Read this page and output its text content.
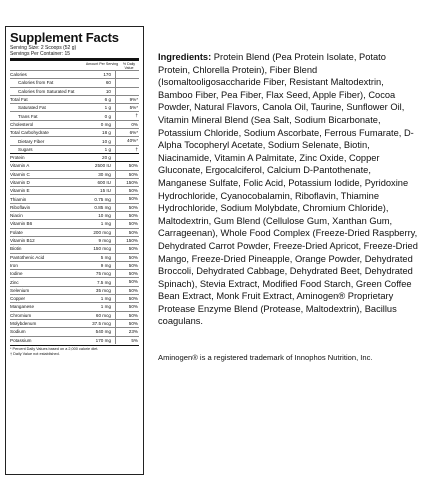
Supplement Facts
Serving Size: 2 Scoops (52 g)
Servings Per Container: 15
Amount Per Serving	% Daily Value
Calories	170
Calories from Fat	60
Calories from Saturated Fat	10
Total Fat	6 g	9%*
Saturated Fat	1 g	5%*
Trans Fat	0 g	†
Cholesterol	0 mg	0%
Total Carbohydrate	18 g	6%*
Dietary Fiber	10 g	40%*
Sugars	1 g	†
Protein	20 g
Vitamin A	2500 IU	50%
Vitamin C	30 mg	50%
Vitamin D	600 IU	150%
Vitamin E	15 IU	50%
Thiamin	0.75 mg	50%
Riboflavin	0.85 mg	50%
Niacin	10 mg	50%
Vitamin B6	1 mg	50%
Folate	200 mcg	50%
Vitamin B12	9 mcg	150%
Biotin	150 mcg	50%
Pantothenic Acid	5 mg	50%
Iron	9 mg	50%
Iodine	75 mcg	50%
Zinc	7.5 mg	50%
Selenium	35 mcg	50%
Copper	1 mg	50%
Manganese	1 mg	50%
Chromium	60 mcg	50%
Molybdenum	37.5 mcg	50%
Sodium	540 mg	23%
Potassium	170 mg	5%
* Percent Daily Values based on a 2,000 calorie diet.
† Daily Value not established.
Ingredients: Protein Blend (Pea Protein Isolate, Potato Protein, Chlorella Protein), Fiber Blend (Isomaltooligosaccharide Fiber, Resistant Maltodextrin, Bamboo Fiber, Pea Fiber, Flax Seed, Apple Fiber), Cocoa Powder, Natural Flavors, Canola Oil, Taurine, Sunflower Oil, Vitamin Mineral Blend (Sea Salt, Sodium Bicarbonate, Potassium Chloride, Sodium Ascorbate, Ferrous Fumarate, D-Alpha Tocopheryl Acetate, Sodium Selenate, Biotin, Niacinamide, Vitamin A Palmitate, Zinc Oxide, Copper Gluconate, Ergocalciferol, Calcium D-Pantothenate, Manganese Sulfate, Folic Acid, Potassium Iodide, Pyridoxine Hydrochloride, Cyanocobalamin, Riboflavin, Thiamine Hydrochloride, Sodium Molybdate, Chromium Chloride), Maltodextrin, Gum Blend (Cellulose Gum, Xanthan Gum, Carrageenan), Whole Food Complex (Freeze-Dried Raspberry, Dehydrated Carrot Powder, Freeze-Dried Apricot, Freeze-Dried Mango, Freeze-Dried Pineapple, Orange Powder, Dehydrated Broccoli, Dehydrated Cabbage, Dehydrated Beet, Dehydrated Spinach), Stevia Extract, Modified Food Starch, Green Coffee Bean Extract, Monk Fruit Extract, Aminogen® Proprietary Protease Enzyme Blend (Protease, Maltodextrin), Bacillus coagulans.
Aminogen® is a registered trademark of Innophos Nutrition, Inc.
